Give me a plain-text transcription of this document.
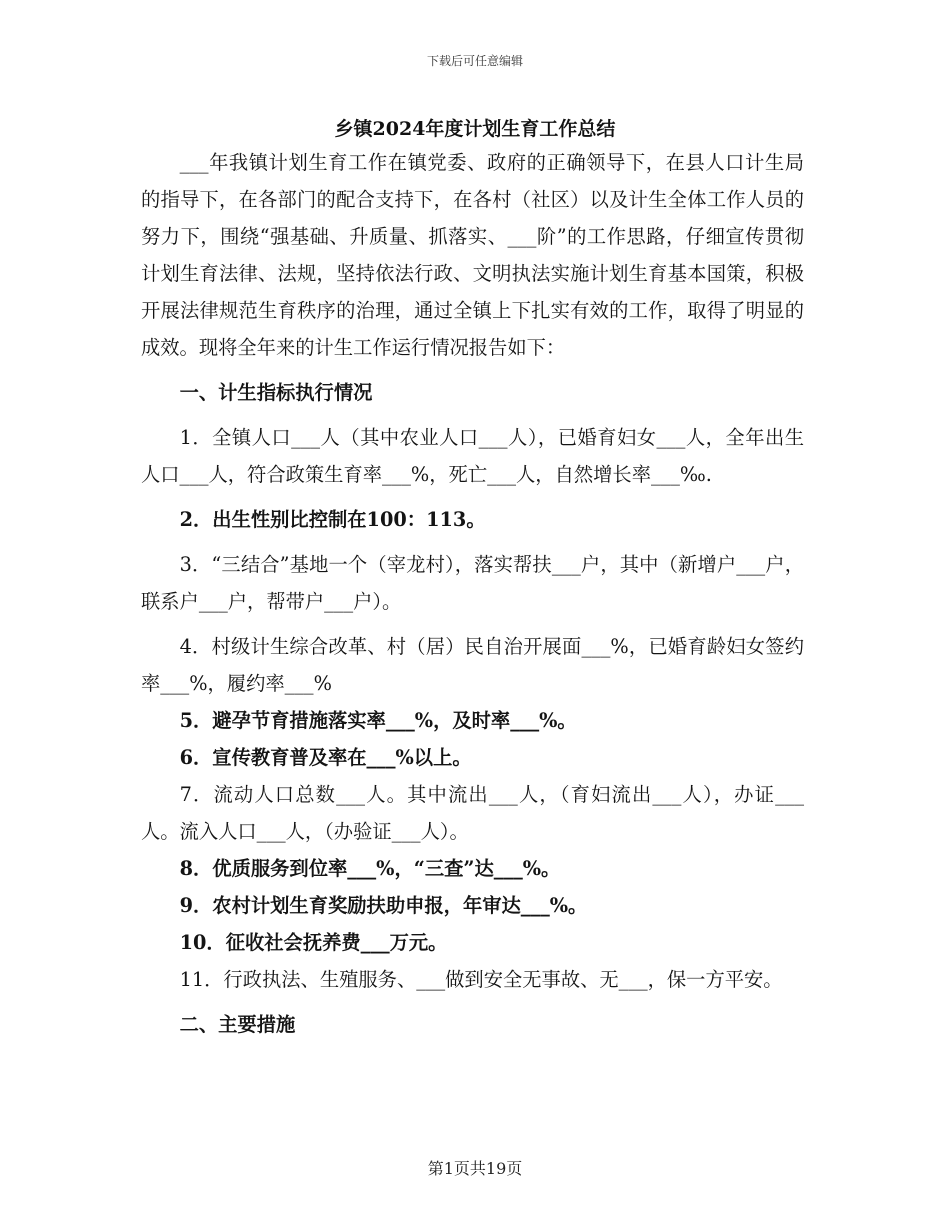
下载后可任意编辑
乡镇2024年度计划生育工作总结

___年我镇计划生育工作在镇党委、政府的正确领导下，在县人口计生局的指导下，在各部门的配合支持下，在各村（社区）以及计生全体工作人员的努力下，围绕“强基础、升质量、抓落实、___阶”的工作思路，仔细宣传贯彻计划生育法律、法规，坚持依法行政、文明执法实施计划生育基本国策，积极开展法律规范生育秩序的治理，通过全镇上下扎实有效的工作，取得了明显的成效。现将全年来的计生工作运行情况报告如下：

一、计生指标执行情况

1．全镇人口___人（其中农业人口___人），已婚育妇女___人，全年出生人口___人，符合政策生育率___%，死亡___人，自然增长率___‰.

2．出生性别比控制在100：113。

3．“三结合”基地一个（宰龙村），落实帮扶___户，其中（新增户___户，联系户___户，帮带户___户）。

4．村级计生综合改革、村（居）民自治开展面___%，已婚育龄妇女签约率___%，履约率___%

5．避孕节育措施落实率___%，及时率___%。

6．宣传教育普及率在___%以上。

7．流动人口总数___人。其中流出___人，（育妇流出___人），办证___人。流入人口___人，（办验证___人）。

8．优质服务到位率___%，“三查”达___%。

9．农村计划生育奖励扶助申报，年审达___%。

10．征收社会抚养费___万元。

11．行政执法、生殖服务、___做到安全无事故、无___，保一方平安。

二、主要措施

第1页共19页
